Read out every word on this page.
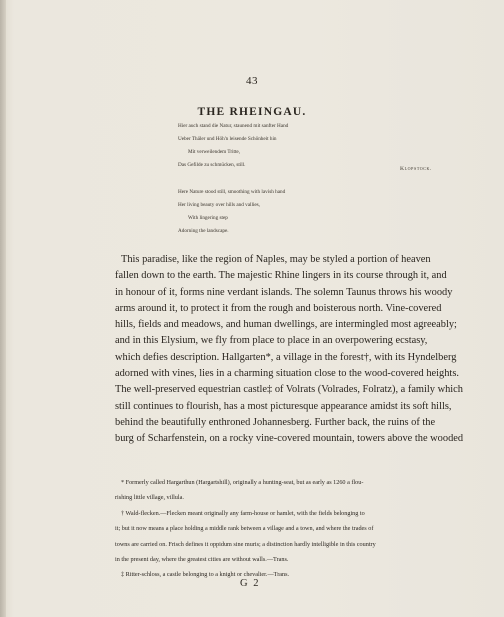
43
THE RHEINGAU.
Hier auch stand die Natur, staunend mit sanfter Hand
Ueber Thäler und Höh'n leisende Schönheit hin
Mit verweilendem Tritte,
Das Gefilde zu schmücken, still.
Klopstock.
Here Nature stood still, smoothing with lavish hand
Her living beauty over hills and vallies,
With lingering step
Adorning the landscape.
This paradise, like the region of Naples, may be styled a portion of heaven
fallen down to the earth. The majestic Rhine lingers in its course through it, and
in honour of it, forms nine verdant islands. The solemn Taunus throws his woody
arms around it, to protect it from the rough and boisterous north. Vine-covered
hills, fields and meadows, and human dwellings, are intermingled most agreeably;
and in this Elysium, we fly from place to place in an overpowering ecstasy,
which defies description. Hallgarten*, a village in the forest†, with its Hyndelberg
adorned with vines, lies in a charming situation close to the wood-covered heights.
The well-preserved equestrian castle‡ of Volrats (Volrades, Folratz), a family which
still continues to flourish, has a most picturesque appearance amidst its soft hills,
behind the beautifully enthroned Johannesberg. Further back, the ruins of the
burg of Scharfenstein, on a rocky vine-covered mountain, towers above the wooded
* Formerly called Hargarthun (Hargartshill), originally a hunting-seat, but as early as 1260 a flou-
rishing little village, villula.
† Wald-flecken.—Flecken meant originally any farm-house or hamlet, with the fields belonging to
it; but it now means a place holding a middle rank between a village and a town, and where the trades of
towns are carried on. Frisch defines it oppidum sine muris; a distinction hardly intelligible in this country
in the present day, where the greatest cities are without walls.—Trans.
‡ Ritter-schloss, a castle belonging to a knight or chevalier.—Trans.
G 2
